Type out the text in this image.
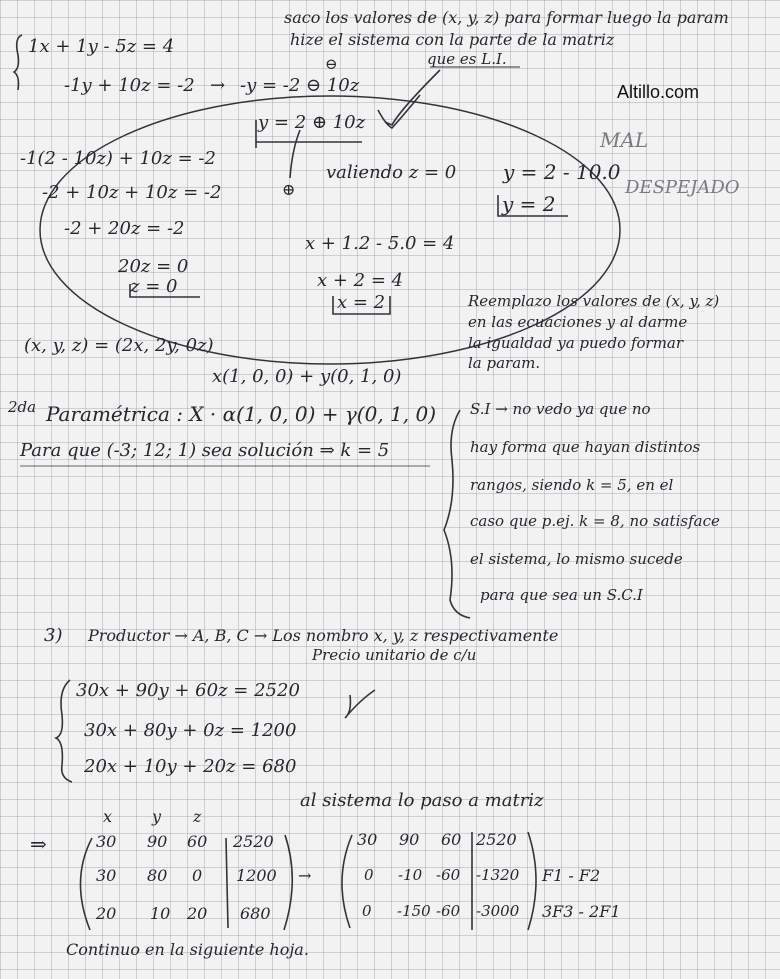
Altillo.com
saco los valores de (x, y, z) para formar luego la param
hize el sistema con la parte de la matriz
que es L.I.
MAL
DESPEJADO
1x + 1y - 5z = 4
-1y + 10z = -2 → -y = -2 ⊖ 10z
⊖
y = 2 ⊕ 10z
⊕
-1(2 - 10z) + 10z = -2
-2 + 10z + 10z = -2
-2 + 20z = -2
20z = 0
z = 0
valiendo z = 0 y = 2 - 10.0
y = 2
x + 1.2 - 5.0 = 4
x + 2 = 4
x = 2	Reemplazo los valores de (x, y, z)
en las ecuaciones y al darme
la igualdad ya puedo formar
la param.
(x, y, z) = (2x, 2y, 0z)
x(1, 0, 0) + y(0, 1, 0)
2da Paramétrica : X · α(1, 0, 0) + γ(0, 1, 0)
Para que (-3; 12; 1) sea solución ⇒ k = 5
S.I → no vedo ya que no
hay forma que hayan distintos
rangos, siendo k = 5, en el
caso que p.ej. k = 8, no satisface
el sistema, lo mismo sucede
para que sea un S.C.I
3) Productor → A, B, C → Los nombro x, y, z respectivamente
Precio unitario de c/u
30x + 90y + 60z = 2520
30x + 80y + 0z = 1200
20x + 10y + 20z = 680
al sistema lo paso a matriz
x y z
⇒	30 90 60 2520
30 80 0 1200
20 10 20 680
→
30 90 60 2520
0 -10 -60 -1320
0 -150 -60 -3000
F1 - F2
3F3 - 2F1
Continuo en la siguiente hoja.
